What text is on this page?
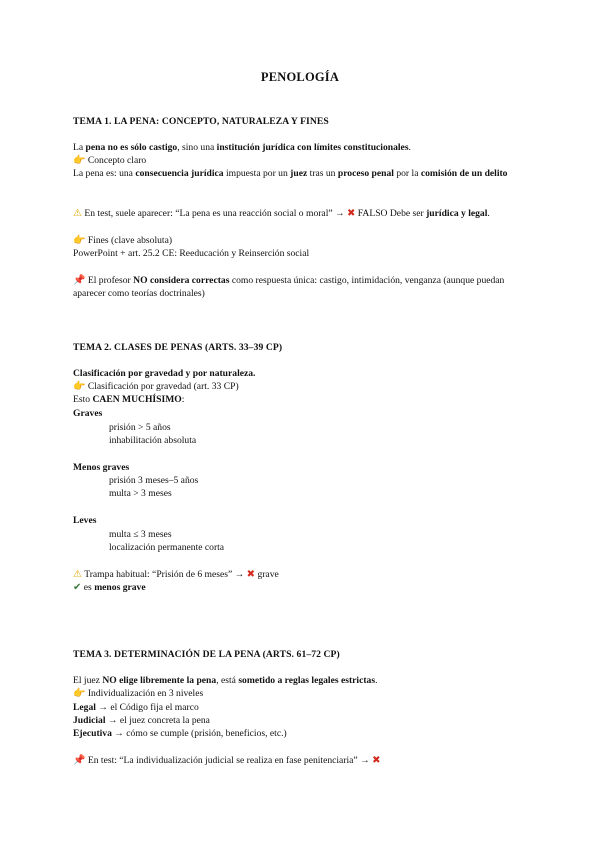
PENOLOGÍA
TEMA 1. LA PENA: CONCEPTO, NATURALEZA Y FINES
La pena no es sólo castigo, sino una institución jurídica con límites constitucionales.
👉 Concepto claro
La pena es: una consecuencia jurídica impuesta por un juez tras un proceso penal por la comisión de un delito
⚠ En test, suele aparecer: “La pena es una reacción social o moral” → ✖ FALSO Debe ser jurídica y legal.
👉 Fines (clave absoluta)
PowerPoint + art. 25.2 CE: Reeducación y Reinserción social
📌 El profesor NO considera correctas como respuesta única: castigo, intimidación, venganza (aunque puedan aparecer como teorías doctrinales)
TEMA 2. CLASES DE PENAS (ARTS. 33–39 CP)
Clasificación por gravedad y por naturaleza.
👉 Clasificación por gravedad (art. 33 CP)
Esto CAEN MUCHÍSIMO:
Graves
prisión > 5 años
inhabilitación absoluta
Menos graves
prisión 3 meses–5 años
multa > 3 meses
Leves
multa ≤ 3 meses
localización permanente corta
⚠ Trampa habitual: “Prisión de 6 meses” → ✖ grave
✔ es menos grave
TEMA 3. DETERMINACIÓN DE LA PENA (ARTS. 61–72 CP)
El juez NO elige libremente la pena, está sometido a reglas legales estrictas.
👉 Individualización en 3 niveles
Legal → el Código fija el marco
Judicial → el juez concreta la pena
Ejecutiva → cómo se cumple (prisión, beneficios, etc.)
📌 En test: “La individualización judicial se realiza en fase penitenciaria” → ✖
